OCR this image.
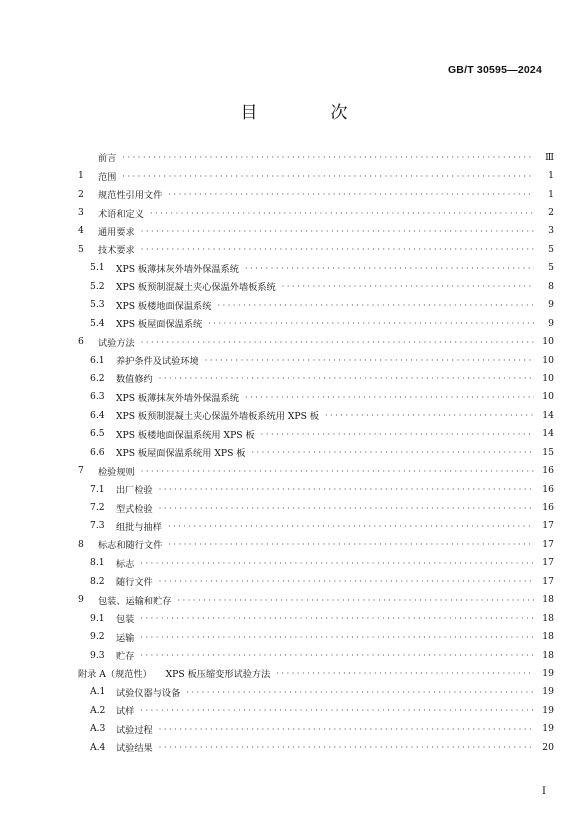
GB/T 30595—2024
目　次
前言 ·····	Ⅲ
1	范围 ·····	1
2	规范性引用文件 ·····	1
3	术语和定义 ·····	2
4	通用要求 ·····	3
5	技术要求 ·····	5
5.1	XPS 板薄抹灰外墙外保温系统 ·····	5
5.2	XPS 板预制混凝土夹心保温外墙板系统 ·····	8
5.3	XPS 板楼地面保温系统 ·····	9
5.4	XPS 板屋面保温系统 ·····	9
6	试验方法 ·····	10
6.1	养护条件及试验环境 ·····	10
6.2	数值修约 ·····	10
6.3	XPS 板薄抹灰外墙外保温系统 ·····	10
6.4	XPS 板预制混凝土夹心保温外墙板系统用 XPS 板 ·····	14
6.5	XPS 板楼地面保温系统用 XPS 板 ·····	14
6.6	XPS 板屋面保温系统用 XPS 板 ·····	15
7	检验规则 ·····	16
7.1	出厂检验 ·····	16
7.2	型式检验 ·····	16
7.3	组批与抽样 ·····	17
8	标志和随行文件 ·····	17
8.1	标志 ·····	17
8.2	随行文件 ·····	17
9	包装、运输和贮存 ·····	18
9.1	包装 ·····	18
9.2	运输 ·····	18
9.3	贮存 ·····	18
附录 A（规范性）　　XPS 板压缩变形试验方法 ·····	19
A.1	试验仪器与设备 ·····	19
A.2	试样 ·····	19
A.3	试验过程 ·····	19
A.4	试验结果 ·····	20
I
